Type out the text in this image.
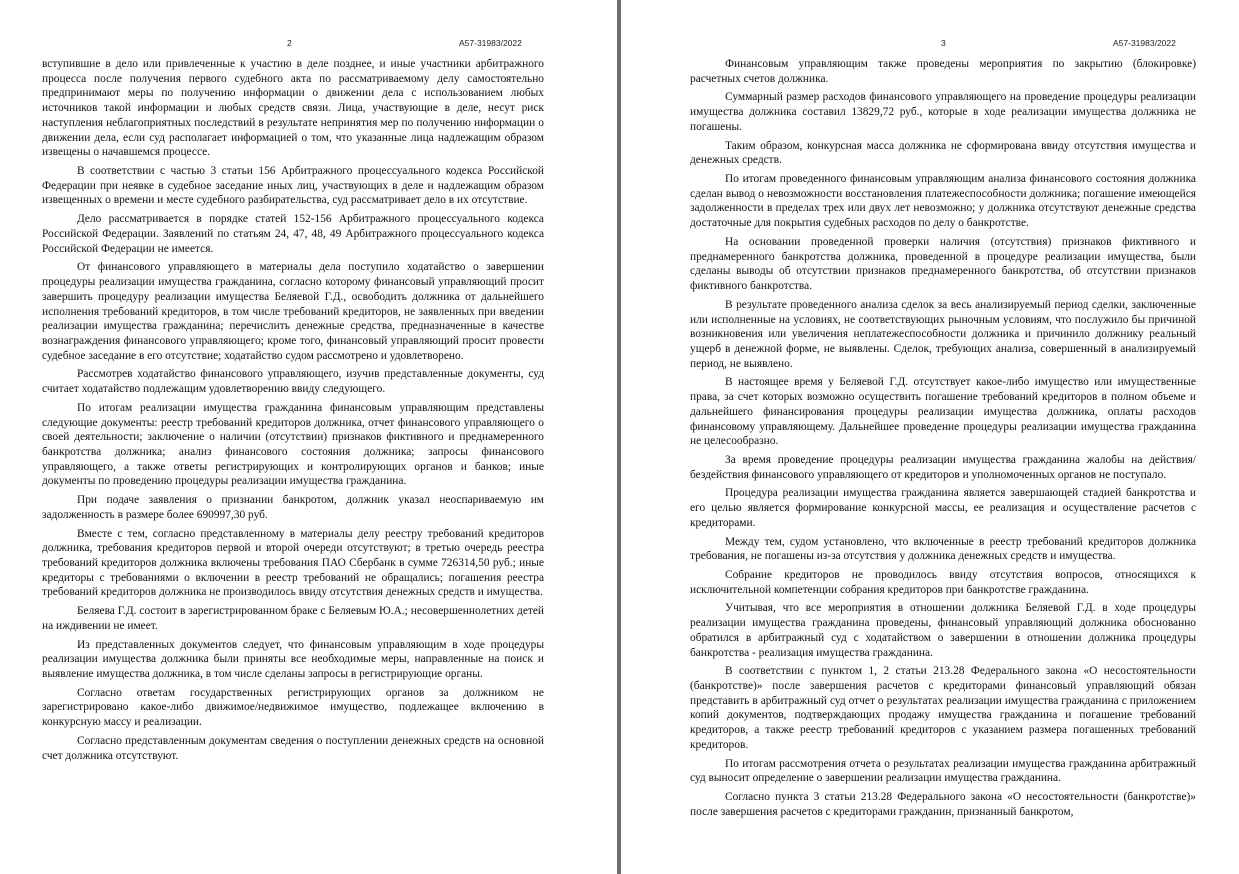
2	А57-31983/2022

вступившие в дело или привлеченные к участию в деле позднее, и иные участники арбитражного процесса после получения первого судебного акта по рассматриваемому делу самостоятельно предпринимают меры по получению информации о движении дела с использованием любых источников такой информации и любых средств связи. Лица, участвующие в деле, несут риск наступления неблагоприятных последствий в результате непринятия мер по получению информации о движении дела, если суд располагает информацией о том, что указанные лица надлежащим образом извещены о начавшемся процессе.

В соответствии с частью 3 статьи 156 Арбитражного процессуального кодекса Российской Федерации при неявке в судебное заседание иных лиц, участвующих в деле и надлежащим образом извещенных о времени и месте судебного разбирательства, суд рассматривает дело в их отсутствие.

Дело рассматривается в порядке статей 152-156 Арбитражного процессуального кодекса Российской Федерации. Заявлений по статьям 24, 47, 48, 49 Арбитражного процессуального кодекса Российской Федерации не имеется.

От финансового управляющего в материалы дела поступило ходатайство о завершении процедуры реализации имущества гражданина, согласно которому финансовый управляющий просит завершить процедуру реализации имущества Беляевой Г.Д., освободить должника от дальнейшего исполнения требований кредиторов, в том числе требований кредиторов, не заявленных при введении реализации имущества гражданина; перечислить денежные средства, предназначенные в качестве вознаграждения финансового управляющего; кроме того, финансовый управляющий просит провести судебное заседание в его отсутствие; ходатайство судом рассмотрено и удовлетворено.

Рассмотрев ходатайство финансового управляющего, изучив представленные документы, суд считает ходатайство подлежащим удовлетворению ввиду следующего.

По итогам реализации имущества гражданина финансовым управляющим представлены следующие документы: реестр требований кредиторов должника, отчет финансового управляющего о своей деятельности; заключение о наличии (отсутствии) признаков фиктивного и преднамеренного банкротства должника; анализ финансового состояния должника; запросы финансового управляющего, а также ответы регистрирующих и контролирующих органов и банков; иные документы по проведению процедуры реализации имущества гражданина.

При подаче заявления о признании банкротом, должник указал неоспариваемую им задолженность в размере более 690997,30 руб.

Вместе с тем, согласно представленному в материалы делу реестру требований кредиторов должника, требования кредиторов первой и второй очереди отсутствуют; в третью очередь реестра требований кредиторов должника включены требования ПАО Сбербанк в сумме 726314,50 руб.; иные кредиторы с требованиями о включении в реестр требований не обращались; погашения реестра требований кредиторов должника не производилось ввиду отсутствия денежных средств и имущества.

Беляева Г.Д. состоит в зарегистрированном браке с Беляевым Ю.А.; несовершеннолетних детей на иждивении не имеет.

Из представленных документов следует, что финансовым управляющим в ходе процедуры реализации имущества должника были приняты все необходимые меры, направленные на поиск и выявление имущества должника, в том числе сделаны запросы в регистрирующие органы.

Согласно ответам государственных регистрирующих органов за должником не зарегистрировано какое-либо движимое/недвижимое имущество, подлежащее включению в конкурсную массу и реализации.

Согласно представленным документам сведения о поступлении денежных средств на основной счет должника отсутствуют.

3	А57-31983/2022

Финансовым управляющим также проведены мероприятия по закрытию (блокировке) расчетных счетов должника.

Суммарный размер расходов финансового управляющего на проведение процедуры реализации имущества должника составил 13829,72 руб., которые в ходе реализации имущества должника не погашены.

Таким образом, конкурсная масса должника не сформирована ввиду отсутствия имущества и денежных средств.

По итогам проведенного финансовым управляющим анализа финансового состояния должника сделан вывод о невозможности восстановления платежеспособности должника; погашение имеющейся задолженности в пределах трех или двух лет невозможно; у должника отсутствуют денежные средства достаточные для покрытия судебных расходов по делу о банкротстве.

На основании проведенной проверки наличия (отсутствия) признаков фиктивного и преднамеренного банкротства должника, проведенной в процедуре реализации имущества, были сделаны выводы об отсутствии признаков преднамеренного банкротства, об отсутствии признаков фиктивного банкротства.

В результате проведенного анализа сделок за весь анализируемый период сделки, заключенные или исполненные на условиях, не соответствующих рыночным условиям, что послужило бы причиной возникновения или увеличения неплатежеспособности должника и причинило должнику реальный ущерб в денежной форме, не выявлены. Сделок, требующих анализа, совершенный в анализируемый период, не выявлено.

В настоящее время у Беляевой Г.Д. отсутствует какое-либо имущество или имущественные права, за счет которых возможно осуществить погашение требований кредиторов в полном объеме и дальнейшего финансирования процедуры реализации имущества должника, оплаты расходов финансовому управляющему. Дальнейшее проведение процедуры реализации имущества гражданина не целесообразно.

За время проведение процедуры реализации имущества гражданина жалобы на действия/бездействия финансового управляющего от кредиторов и уполномоченных органов не поступало.

Процедура реализации имущества гражданина является завершающей стадией банкротства и его целью является формирование конкурсной массы, ее реализация и осуществление расчетов с кредиторами.

Между тем, судом установлено, что включенные в реестр требований кредиторов должника требования, не погашены из-за отсутствия у должника денежных средств и имущества.

Собрание кредиторов не проводилось ввиду отсутствия вопросов, относящихся к исключительной компетенции собрания кредиторов при банкротстве гражданина.

Учитывая, что все мероприятия в отношении должника Беляевой Г.Д. в ходе процедуры реализации имущества гражданина проведены, финансовый управляющий должника обоснованно обратился в арбитражный суд с ходатайством о завершении в отношении должника процедуры банкротства - реализация имущества гражданина.

В соответствии с пунктом 1, 2 статьи 213.28 Федерального закона «О несостоятельности (банкротстве)» после завершения расчетов с кредиторами финансовый управляющий обязан представить в арбитражный суд отчет о результатах реализации имущества гражданина с приложением копий документов, подтверждающих продажу имущества гражданина и погашение требований кредиторов, а также реестр требований кредиторов с указанием размера погашенных требований кредиторов.

По итогам рассмотрения отчета о результатах реализации имущества гражданина арбитражный суд выносит определение о завершении реализации имущества гражданина.

Согласно пункта 3 статьи 213.28 Федерального закона «О несостоятельности (банкротстве)» после завершения расчетов с кредиторами гражданин, признанный банкротом,
